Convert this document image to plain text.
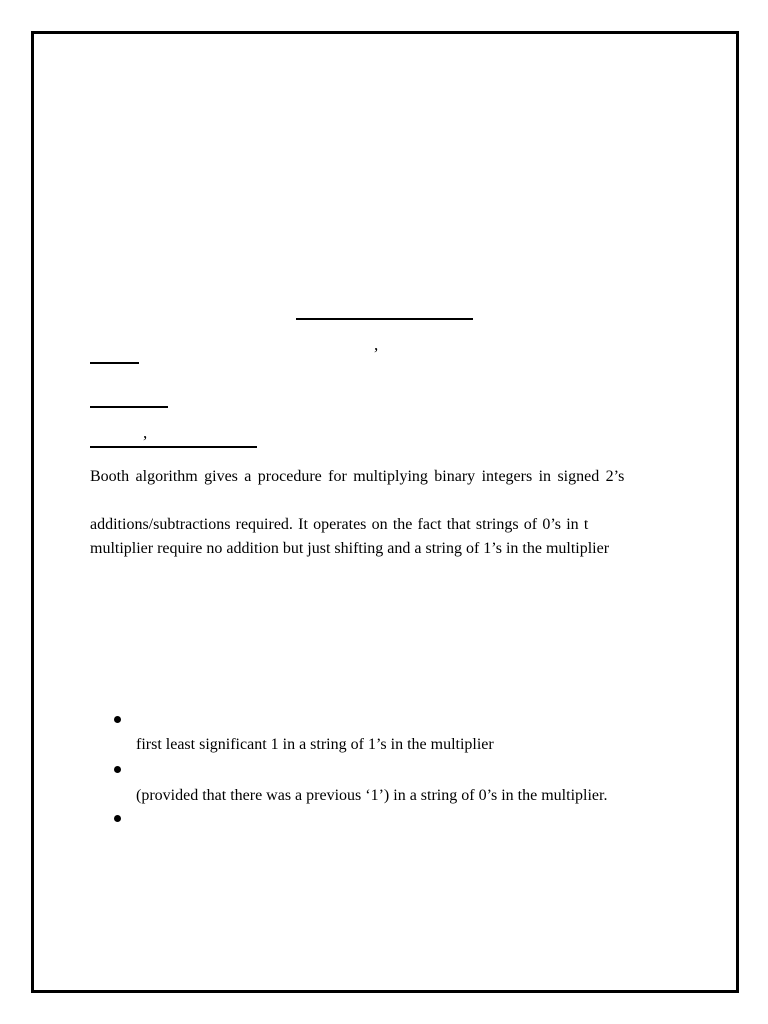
,
,
Booth algorithm gives a procedure for multiplying binary integers in signed 2’s
additions/subtractions required. It operates on the fact that strings of 0’s in t
multiplier require no addition but just shifting and a string of 1’s in the multiplier
first least significant 1 in a string of 1’s in the multiplier
(provided that there was a previous ‘1’) in a string of 0’s in the multiplier.
